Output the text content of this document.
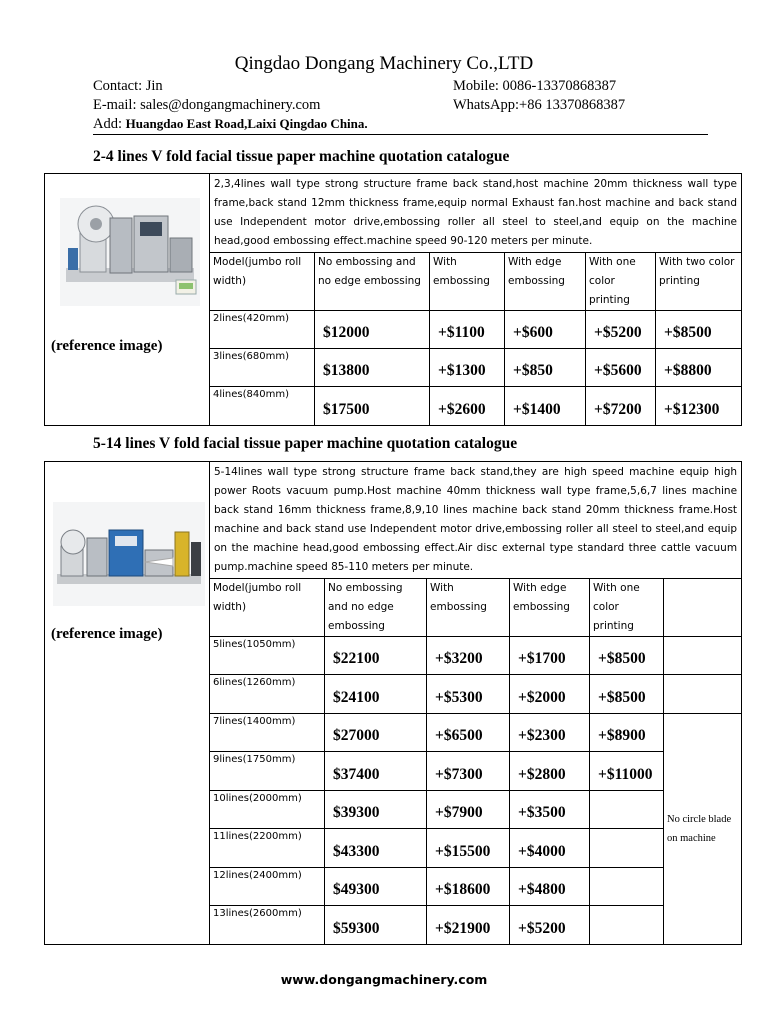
Qingdao Dongang Machinery Co.,LTD
Contact: Jin	Mobile: 0086-13370868387
E-mail: sales@dongangmachinery.com	WhatsApp:+86 13370868387
Add: Huangdao East Road,Laixi Qingdao China.
2-4 lines V fold facial tissue paper machine quotation catalogue
(reference image)	2,3,4lines wall type strong structure frame back stand,host machine 20mm thickness wall type frame,back stand 12mm thickness frame,equip normal Exhaust fan.host machine and back stand use Independent motor drive,embossing roller all steel to steel,and equip on the machine head,good embossing effect.machine speed 90-120 meters per minute.					
	Model(jumbo roll width)	No embossing and no edge embossing	With embossing	With edge embossing	With one color printing	With two color printing
	2lines(420mm)	$12000	+$1100	+$600	+$5200	+$8500
	3lines(680mm)	$13800	+$1300	+$850	+$5600	+$8800
	4lines(840mm)	$17500	+$2600	+$1400	+$7200	+$12300
5-14 lines V fold facial tissue paper machine quotation catalogue
(reference image)	5-14lines wall type strong structure frame back stand,they are high speed machine equip high power Roots vacuum pump.Host machine 40mm thickness wall type frame,5,6,7 lines machine back stand 16mm thickness frame,8,9,10 lines machine back stand 20mm thickness frame.Host machine and back stand use Independent motor drive,embossing roller all steel to steel,and equip on the machine head,good embossing effect.Air disc external type standard three cattle vacuum pump.machine speed 85-110 meters per minute.					
	Model(jumbo roll width)	No embossing and no edge embossing	With embossing	With edge embossing	With one color printing	
	5lines(1050mm)	$22100	+$3200	+$1700	+$8500	
	6lines(1260mm)	$24100	+$5300	+$2000	+$8500	
	7lines(1400mm)	$27000	+$6500	+$2300	+$8900	No circle blade on machine
	9lines(1750mm)	$37400	+$7300	+$2800	+$11000	
	10lines(2000mm)	$39300	+$7900	+$3500		
	11lines(2200mm)	$43300	+$15500	+$4000		
	12lines(2400mm)	$49300	+$18600	+$4800		
	13lines(2600mm)	$59300	+$21900	+$5200		
www.dongangmachinery.com
